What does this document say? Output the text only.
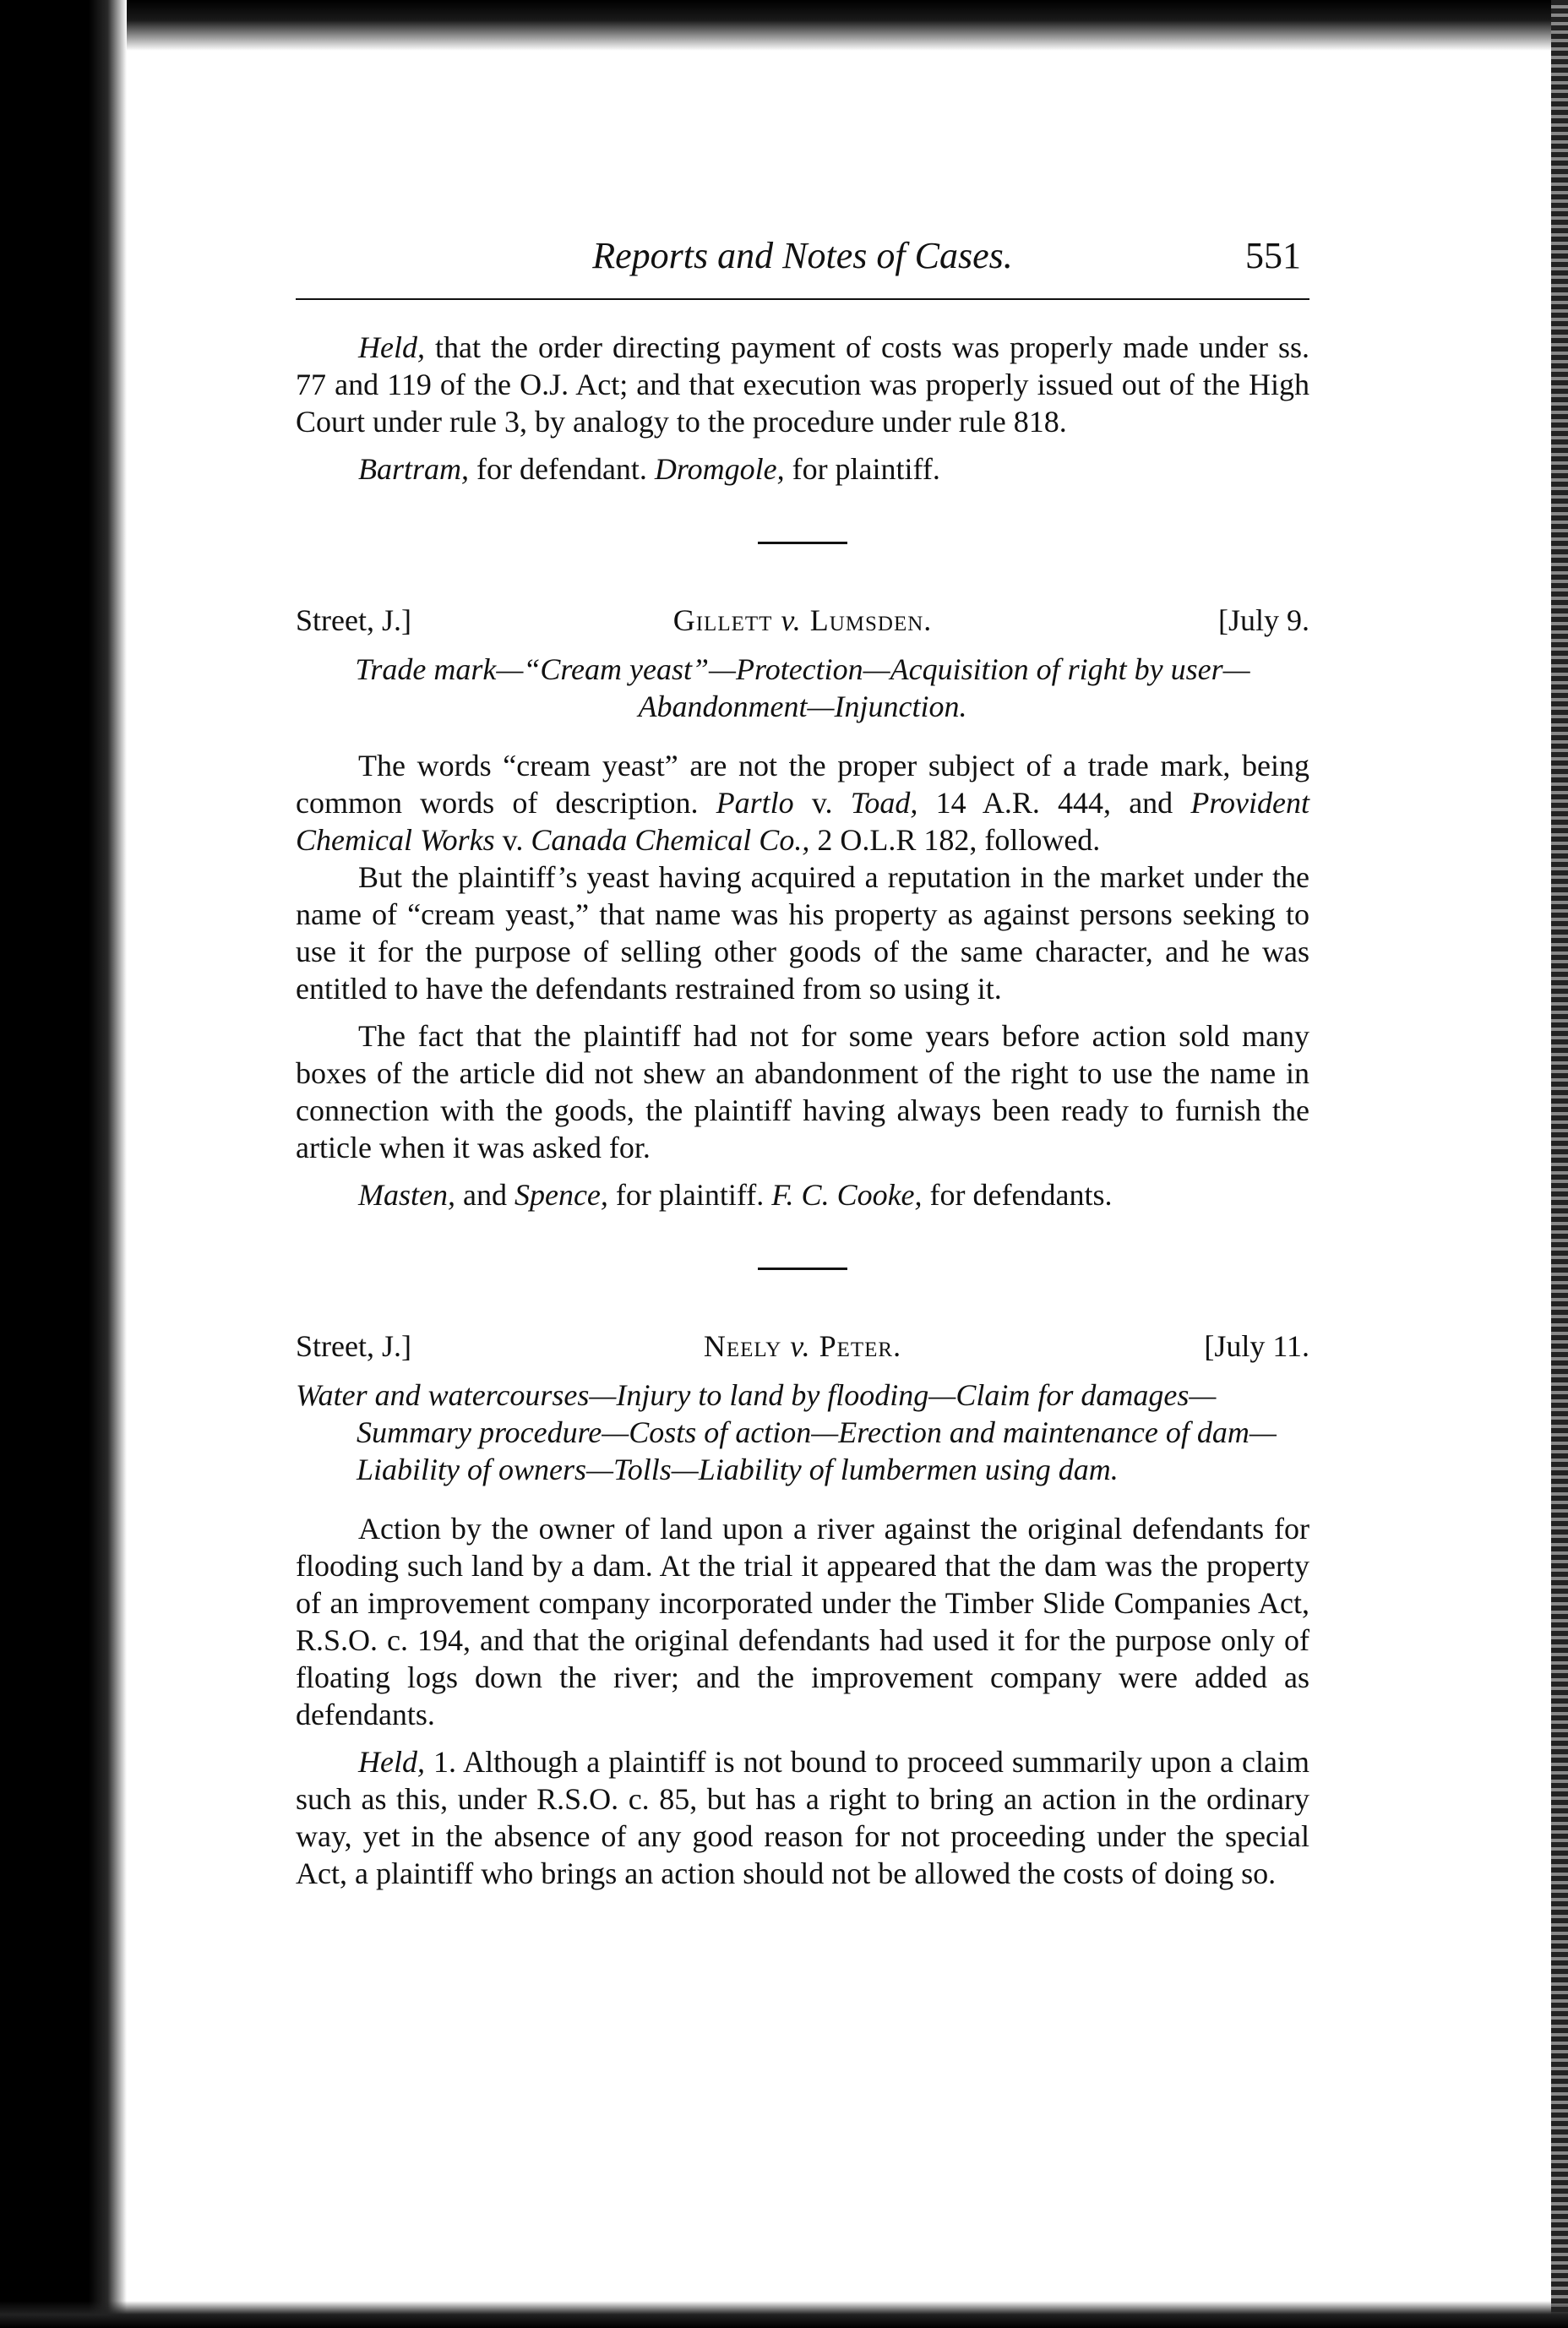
Reports and Notes of Cases.	551

Held, that the order directing payment of costs was properly made under ss. 77 and 119 of the O.J. Act; and that execution was properly issued out of the High Court under rule 3, by analogy to the procedure under rule 818.

Bartram, for defendant. Dromgole, for plaintiff.

Street, J.]	Gillett v. Lumsden.	[July 9.
Trade mark—“Cream yeast”—Protection—Acquisition of right by user—Abandonment—Injunction.

The words “cream yeast” are not the proper subject of a trade mark, being common words of description. Partlo v. Toad, 14 A.R. 444, and Provident Chemical Works v. Canada Chemical Co., 2 O.L.R 182, followed.

But the plaintiff’s yeast having acquired a reputation in the market under the name of “cream yeast,” that name was his property as against persons seeking to use it for the purpose of selling other goods of the same character, and he was entitled to have the defendants restrained from so using it.

The fact that the plaintiff had not for some years before action sold many boxes of the article did not shew an abandonment of the right to use the name in connection with the goods, the plaintiff having always been ready to furnish the article when it was asked for.

Masten, and Spence, for plaintiff. F. C. Cooke, for defendants.

Street, J.]	Neely v. Peter.	[July 11.
Water and watercourses—Injury to land by flooding—Claim for damages—Summary procedure—Costs of action—Erection and maintenance of dam—Liability of owners—Tolls—Liability of lumbermen using dam.

Action by the owner of land upon a river against the original defendants for flooding such land by a dam. At the trial it appeared that the dam was the property of an improvement company incorporated under the Timber Slide Companies Act, R.S.O. c. 194, and that the original defendants had used it for the purpose only of floating logs down the river; and the improvement company were added as defendants.

Held, 1. Although a plaintiff is not bound to proceed summarily upon a claim such as this, under R.S.O. c. 85, but has a right to bring an action in the ordinary way, yet in the absence of any good reason for not proceeding under the special Act, a plaintiff who brings an action should not be allowed the costs of doing so.
